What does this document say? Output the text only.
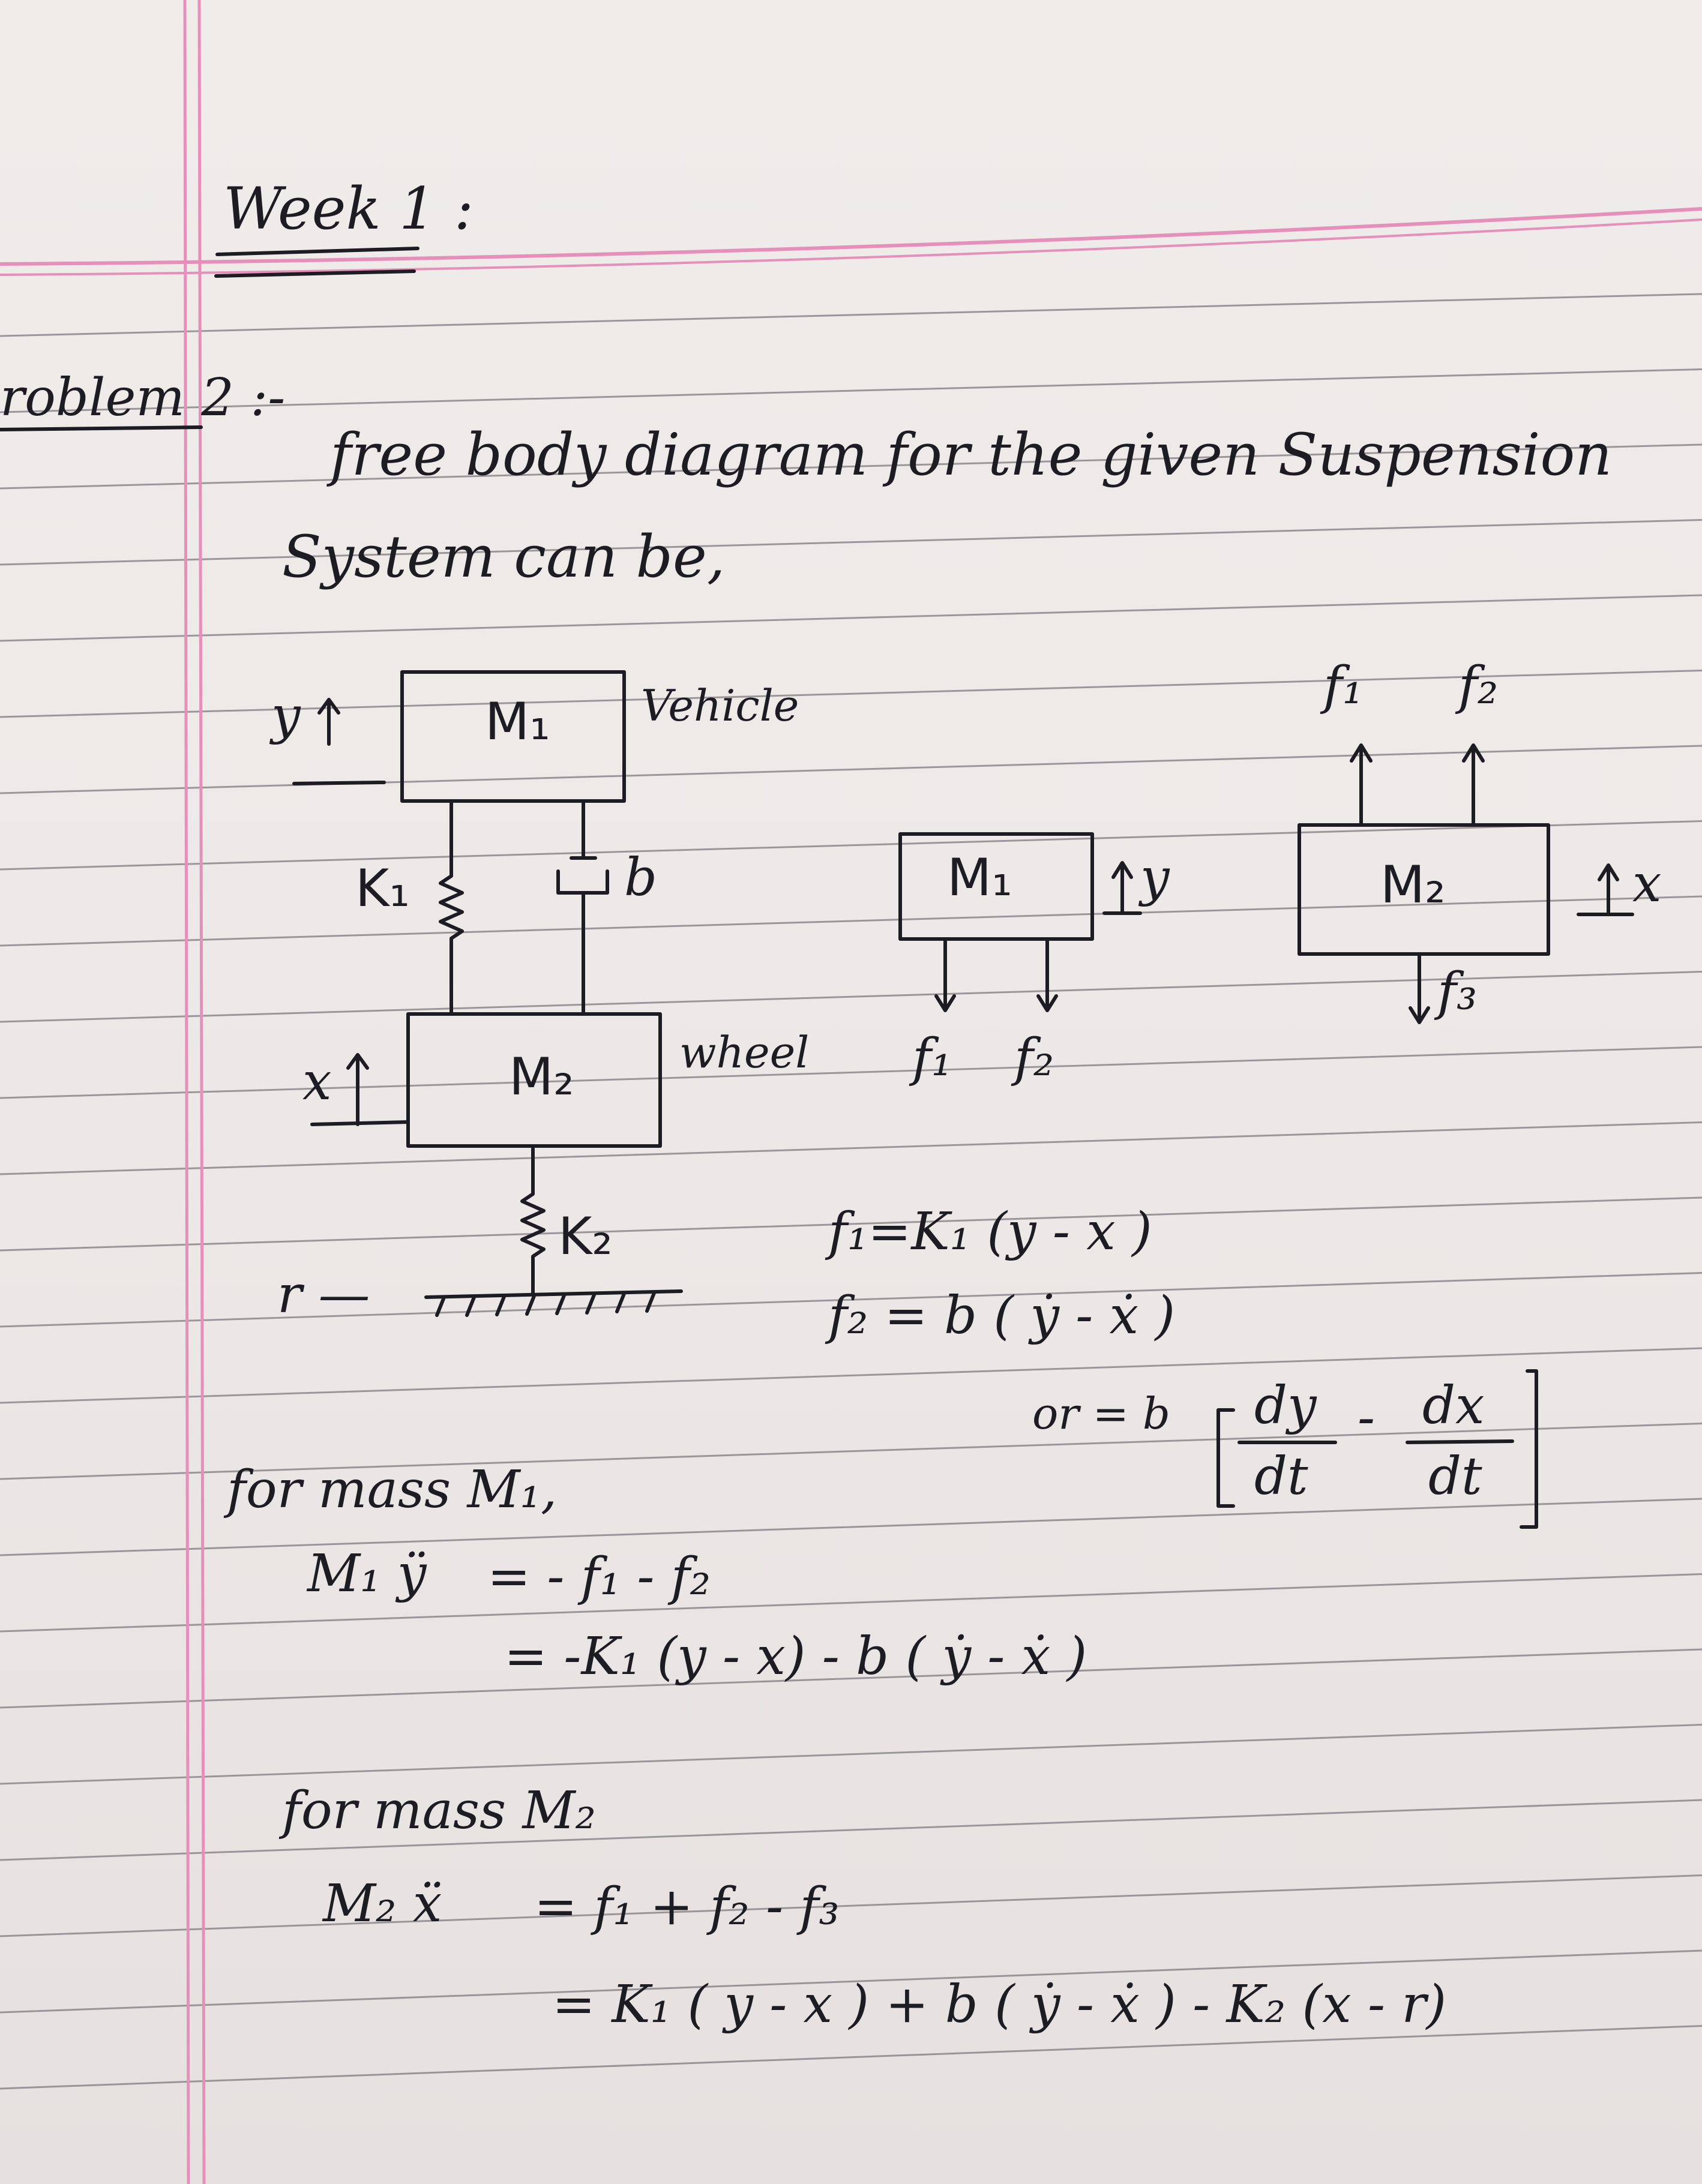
Week 1 :
roblem 2 :-
free body diagram for the given Suspension
System can be,
M₁ Vehicle
y
K₁	b
M₂ wheel
x
K₂
r —
M₁ y
f₁ f₂
M₂	x
f₁ f₂
f₃
f₁=K₁ (y - x )
f₂ = b ( ẏ - ẋ )
or = b dy - dx
dt dt
for mass M₁,
M₁ ÿ = - f₁ - f₂
= -K₁ (y - x) - b ( ẏ - ẋ )
for mass M₂
M₂ ẍ = f₁ + f₂ - f₃
= K₁ ( y - x ) + b ( ẏ - ẋ ) - K₂ (x - r)
